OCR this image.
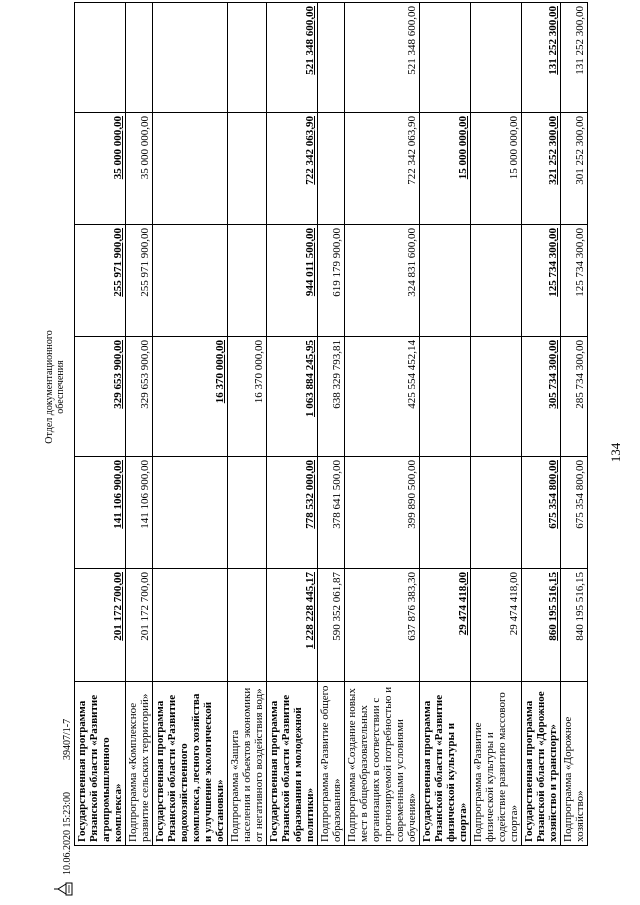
134
Государственная программа Рязанской области «Развитие агропромышленного комплекса»	201 172 700,00	141 106 900,00	329 653 900,00	255 971 900,00	35 000 000,00	
Подпрограмма «Комплексное развитие сельских территорий»	201 172 700,00	141 106 900,00	329 653 900,00	255 971 900,00	35 000 000,00	
Государственная программа Рязанской области «Развитие водохозяйственного комплекса, лесного хозяйства и улучшение экологической обстановки»			16 370 000,00			
Подпрограмма «Защита населения и объектов экономики от негативного воздействия вод»			16 370 000,00			
Государственная программа Рязанской области «Развитие образования и молодежной политики»	1 228 228 445,17	778 532 000,00	1 063 884 245,95	944 011 500,00	722 342 063,90	521 348 600,00
Подпрограмма «Развитие общего образования»	590 352 061,87	378 641 500,00	638 329 793,81	619 179 900,00		
Подпрограмма «Создание новых мест в общеобразовательных организациях в соответствии с прогнозируемой потребностью и современными условиями обучения»	637 876 383,30	399 890 500,00	425 554 452,14	324 831 600,00	722 342 063,90	521 348 600,00
Государственная программа Рязанской области «Развитие физической культуры и спорта»	29 474 418,00				15 000 000,00	
Подпрограмма «Развитие физической культуры и содействие развитию массового спорта»	29 474 418,00				15 000 000,00	
Государственная программа Рязанской области «Дорожное хозяйство и транспорт»	860 195 516,15	675 354 800,00	305 734 300,00	125 734 300,00	321 252 300,00	131 252 300,00
Подпрограмма «Дорожное хозяйство»	840 195 516,15	675 354 800,00	285 734 300,00	125 734 300,00	301 252 300,00	131 252 300,00
10.06.2020 15:23:00
39407/1-7
Отдел документационного обеспечения
